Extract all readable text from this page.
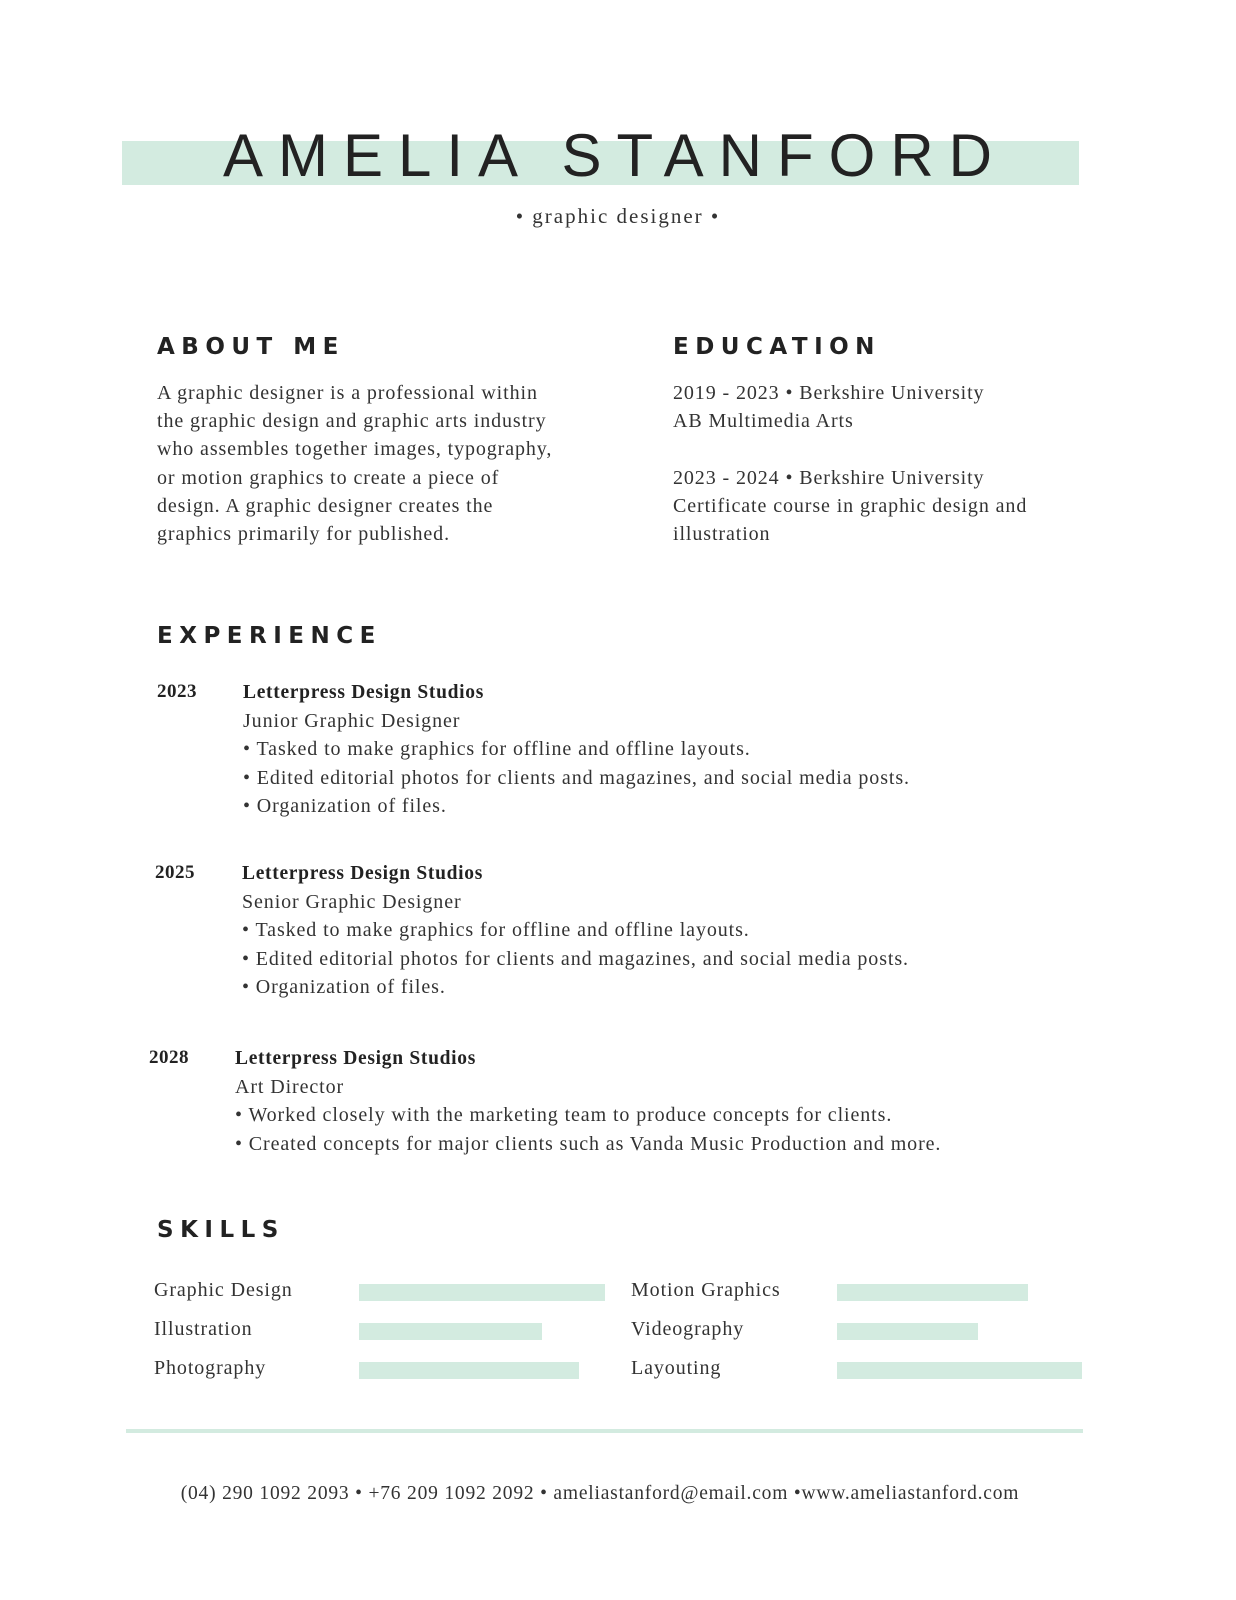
AMELIA STANFORD
• graphic designer •
ABOUT ME
A graphic designer is a professional within
the graphic design and graphic arts industry
who assembles together images, typography,
or motion graphics to create a piece of
design. A graphic designer creates the
graphics primarily for published.
EDUCATION
2019 - 2023 • Berkshire University
AB Multimedia Arts
2023 - 2024 • Berkshire University
Certificate course in graphic design and
illustration
EXPERIENCE
2023 Letterpress Design Studios
Junior Graphic Designer
• Tasked to make graphics for offline and offline layouts.
• Edited editorial photos for clients and magazines, and social media posts.
• Organization of files.
2025 Letterpress Design Studios
Senior Graphic Designer
• Tasked to make graphics for offline and offline layouts.
• Edited editorial photos for clients and magazines, and social media posts.
• Organization of files.
2028 Letterpress Design Studios
Art Director
• Worked closely with the marketing team to produce concepts for clients.
• Created concepts for major clients such as Vanda Music Production and more.
SKILLS
Graphic Design
Illustration
Photography
Motion Graphics
Videography
Layouting
(04) 290 1092 2093 • +76 209 1092 2092 • ameliastanford@email.com •www.ameliastanford.com
